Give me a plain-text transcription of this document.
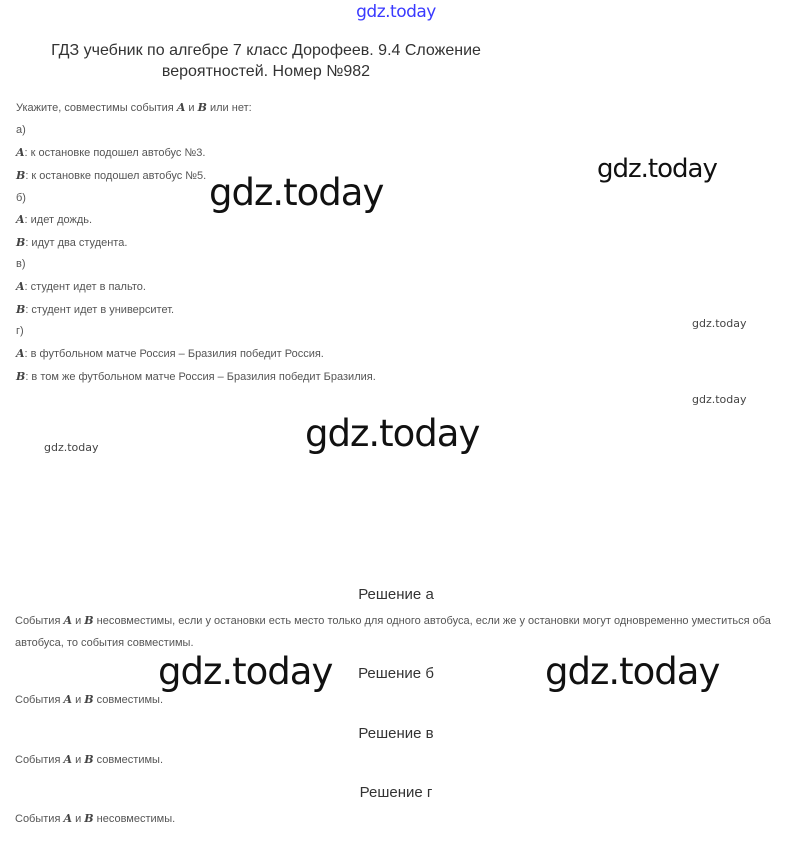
gdz.today
ГДЗ учебник по алгебре 7 класс Дорофеев. 9.4 Сложение вероятностей. Номер №982
Укажите, совместимы события A и B или нет:
а)
A: к остановке подошел автобус №3.
B: к остановке подошел автобус №5.
б)
A: идет дождь.
B: идут два студента.
в)
A: студент идет в пальто.
B: студент идет в университет.
г)
A: в футбольном матче Россия – Бразилия победит Россия.
B: в том же футбольном матче Россия – Бразилия победит Бразилия.
Решение а
События A и B несовместимы, если у остановки есть место только для одного автобуса, если же у остановки могут одновременно уместиться оба автобуса, то события совместимы.
Решение б
События A и B совместимы.
Решение в
События A и B совместимы.
Решение г
События A и B несовместимы.
gdz.today
gdz.today
gdz.today
gdz.today
gdz.today
gdz.today
gdz.today	gdz.today
